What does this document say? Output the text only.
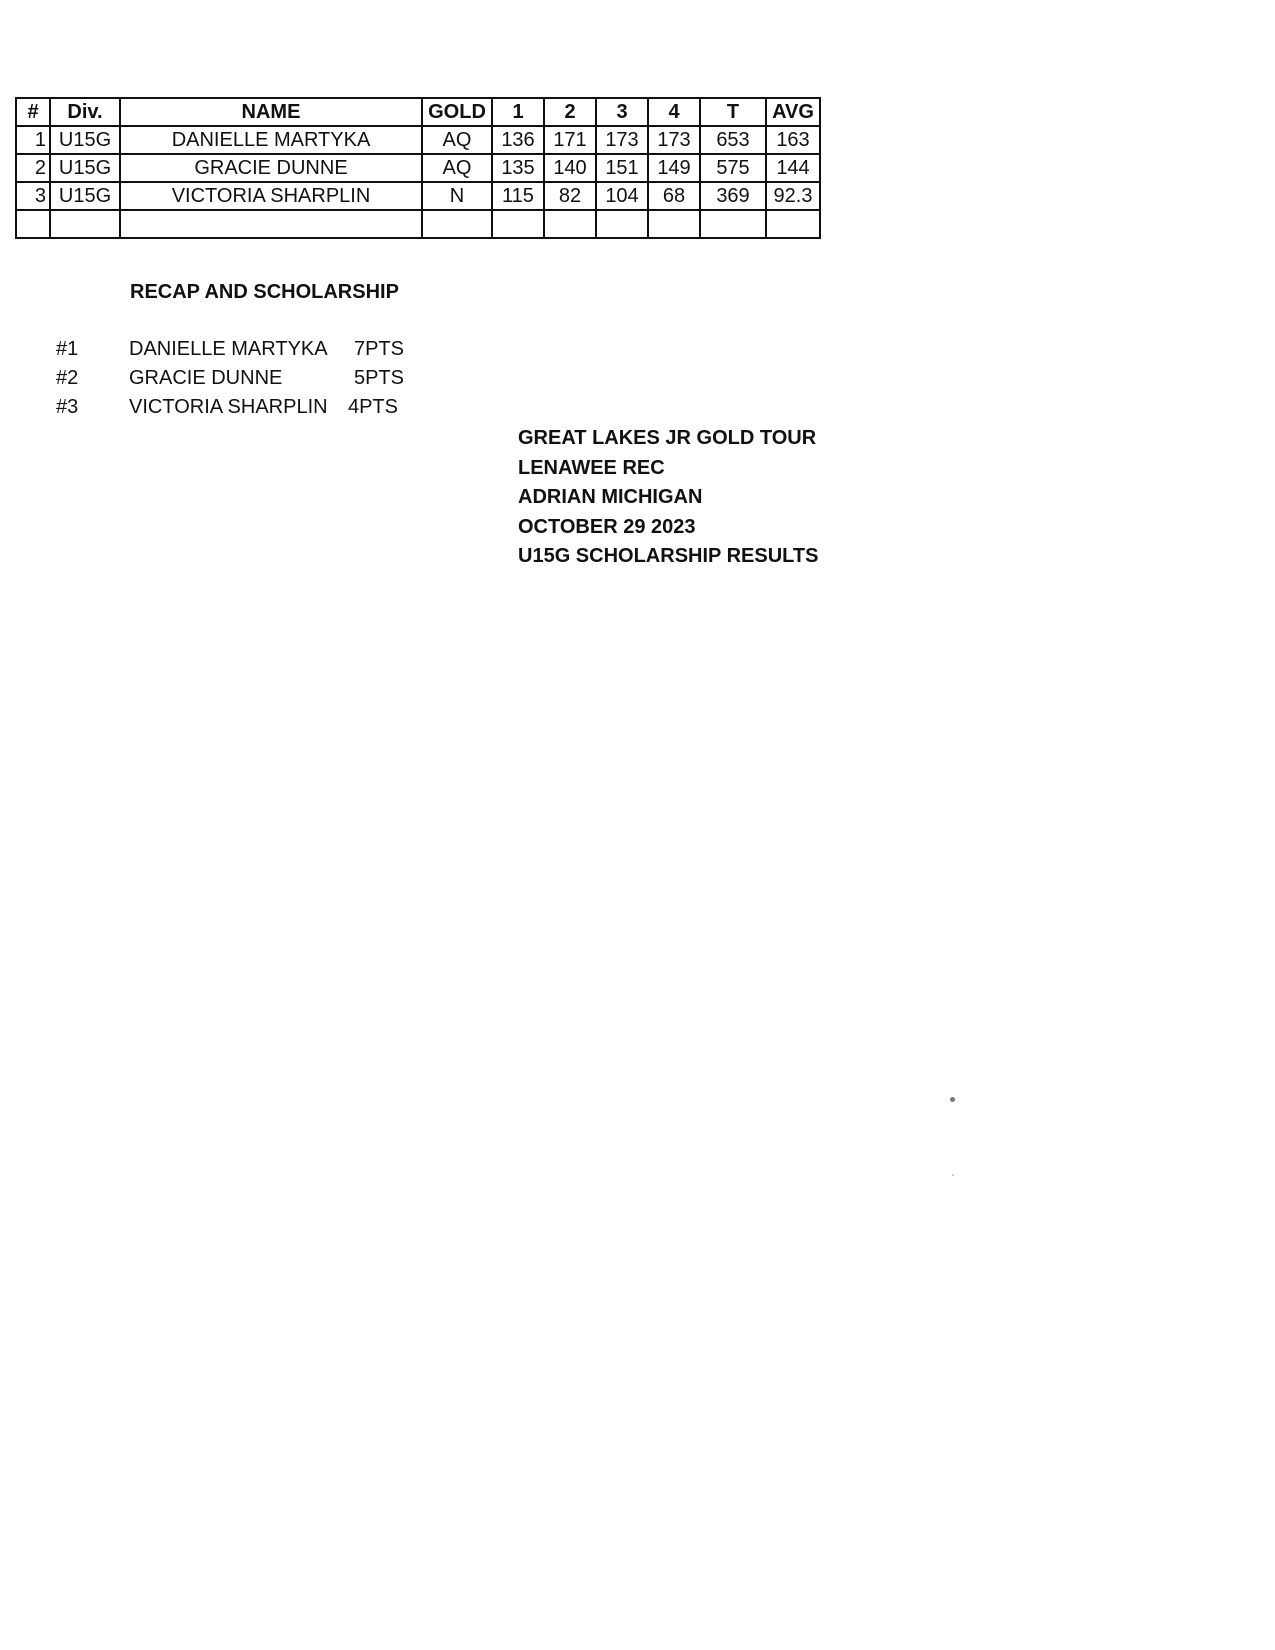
#	Div.	NAME	GOLD	1	2	3	4	T	AVG
1	U15G	DANIELLE MARTYKA	AQ	136	171	173	173	653	163
2	U15G	GRACIE DUNNE	AQ	135	140	151	149	575	144
3	U15G	VICTORIA SHARPLIN	N	115	82	104	68	369	92.3

RECAP AND SCHOLARSHIP
#1	DANIELLE MARTYKA	7PTS
#2	GRACIE DUNNE	5PTS
#3	VICTORIA SHARPLIN	4PTS
GREAT LAKES JR GOLD TOUR
LENAWEE REC
ADRIAN MICHIGAN
OCTOBER 29 2023
U15G SCHOLARSHIP RESULTS
